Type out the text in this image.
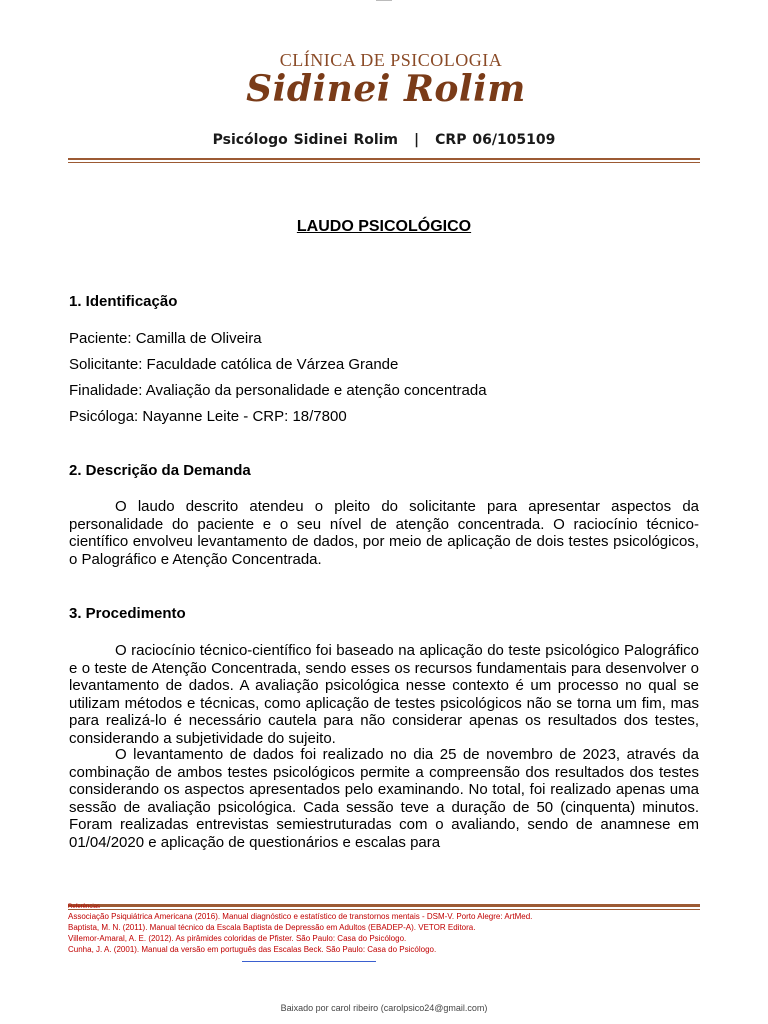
CLÍNICA DE PSICOLOGIA
Sidinei Rolim
Psicólogo Sidinei Rolim | CRP 06/105109
LAUDO PSICOLÓGICO
1. Identificação
Paciente: Camilla de Oliveira
Solicitante: Faculdade católica de Várzea Grande
Finalidade: Avaliação da personalidade e atenção concentrada
Psicóloga: Nayanne Leite - CRP: 18/7800
2. Descrição da Demanda

O laudo descrito atendeu o pleito do solicitante para apresentar aspectos da personalidade do paciente e o seu nível de atenção concentrada. O raciocínio técnico-científico envolveu levantamento de dados, por meio de aplicação de dois testes psicológicos, o Palográfico e Atenção Concentrada.

3. Procedimento

O raciocínio técnico-científico foi baseado na aplicação do teste psicológico Palográfico e o teste de Atenção Concentrada, sendo esses os recursos fundamentais para desenvolver o levantamento de dados. A avaliação psicológica nesse contexto é um processo no qual se utilizam métodos e técnicas, como aplicação de testes psicológicos não se torna um fim, mas para realizá-lo é necessário cautela para não considerar apenas os resultados dos testes, considerando a subjetividade do sujeito.

O levantamento de dados foi realizado no dia 25 de novembro de 2023, através da combinação de ambos testes psicológicos permite a compreensão dos resultados dos testes considerando os aspectos apresentados pelo examinando. No total, foi realizado apenas uma sessão de avaliação psicológica. Cada sessão teve a duração de 50 (cinquenta) minutos. Foram realizadas entrevistas semiestruturadas com o avaliando, sendo de anamnese em 01/04/2020 e aplicação de questionários e escalas para

Referências
Associação Psiquiátrica Americana (2016). Manual diagnóstico e estatístico de transtornos mentais - DSM-V. Porto Alegre: ArtMed.
Baptista, M. N. (2011). Manual técnico da Escala Baptista de Depressão em Adultos (EBADEP-A). VETOR Editora.
Villemor-Amaral, A. E. (2012). As pirâmides coloridas de Pfister. São Paulo: Casa do Psicólogo.
Cunha, J. A. (2001). Manual da versão em português das Escalas Beck. São Paulo: Casa do Psicólogo.
Baixado por carol ribeiro (carolpsico24@gmail.com)
